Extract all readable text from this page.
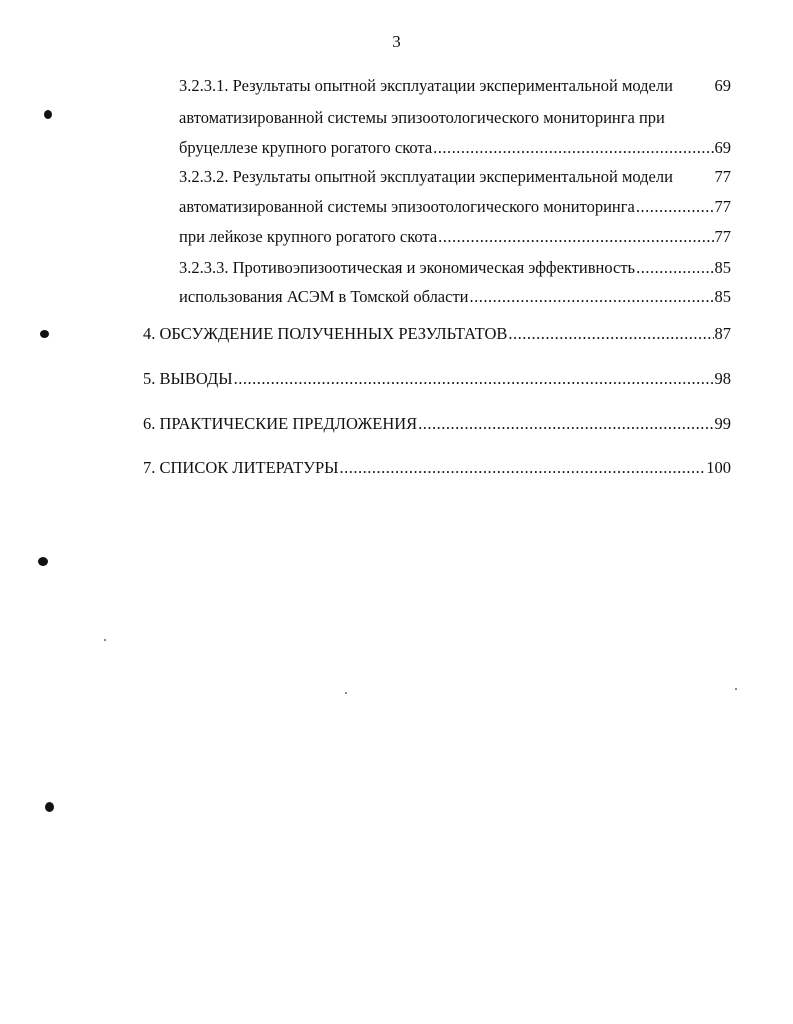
3
3.2.3.1. Результаты опытной эксплуатации экспериментальной модели	69
автоматизированной системы эпизоотологического мониторинга при
бруцеллезе крупного рогатого скота .....	69
3.2.3.2. Результаты опытной эксплуатации экспериментальной модели	77
автоматизированной системы эпизоотологического мониторинга .....	77
при лейкозе крупного рогатого скота .....	77
3.2.3.3. Противоэпизоотическая и экономическая эффективность .....	85
использования АСЭМ в Томской области .....	85
4. ОБСУЖДЕНИЕ ПОЛУЧЕННЫХ РЕЗУЛЬТАТОВ .....	87
5. ВЫВОДЫ .....	98
6. ПРАКТИЧЕСКИЕ ПРЕДЛОЖЕНИЯ .....	99
7. СПИСОК ЛИТЕРАТУРЫ .....	100
